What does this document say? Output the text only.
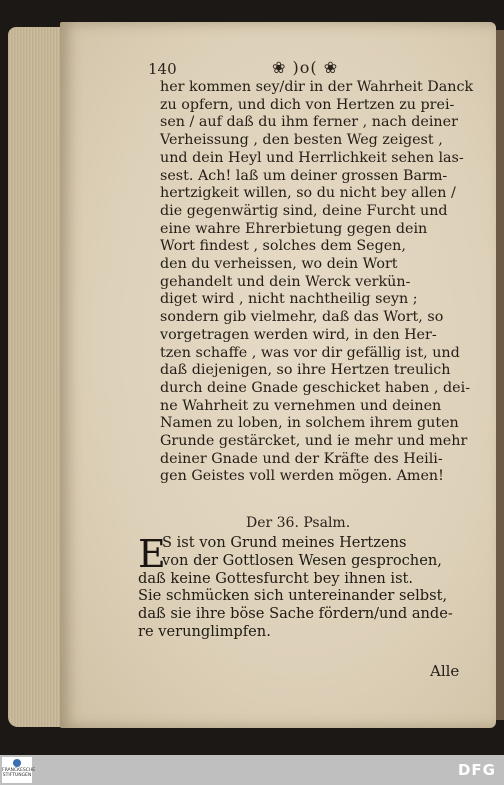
140	❀ )o( ❀
her kommen sey/dir in der Wahrheit Danck
zu opfern, und dich von Hertzen zu prei-
sen / auf daß du ihm ferner , nach deiner
Verheissung , den besten Weg zeigest ,
und dein Heyl und Herrlichkeit sehen las-
sest. Ach! laß um deiner grossen Barm-
hertzigkeit willen, so du nicht bey allen /
die gegenwärtig sind, deine Furcht und
eine wahre Ehrerbietung gegen dein
Wort findest , solches dem Segen,
den du verheissen, wo dein Wort
gehandelt und dein Werck verkün-
diget wird , nicht nachtheilig seyn ;
sondern gib vielmehr, daß das Wort, so
vorgetragen werden wird, in den Her-
tzen schaffe , was vor dir gefällig ist, und
daß diejenigen, so ihre Hertzen treulich
durch deine Gnade geschicket haben , dei-
ne Wahrheit zu vernehmen und deinen
Namen zu loben, in solchem ihrem guten
Grunde gestärcket, und ie mehr und mehr
deiner Gnade und der Kräfte des Heili-
gen Geistes voll werden mögen. Amen!
Der 36. Psalm.
E
S ist von Grund meines Hertzens
von der Gottlosen Wesen gesprochen,
daß keine Gottesfurcht bey ihnen ist.
Sie schmücken sich untereinander selbst,
daß sie ihre böse Sache fördern/und ande-
re verunglimpfen.
Alle
FRANCKESCHE STIFTUNGEN	DFG
